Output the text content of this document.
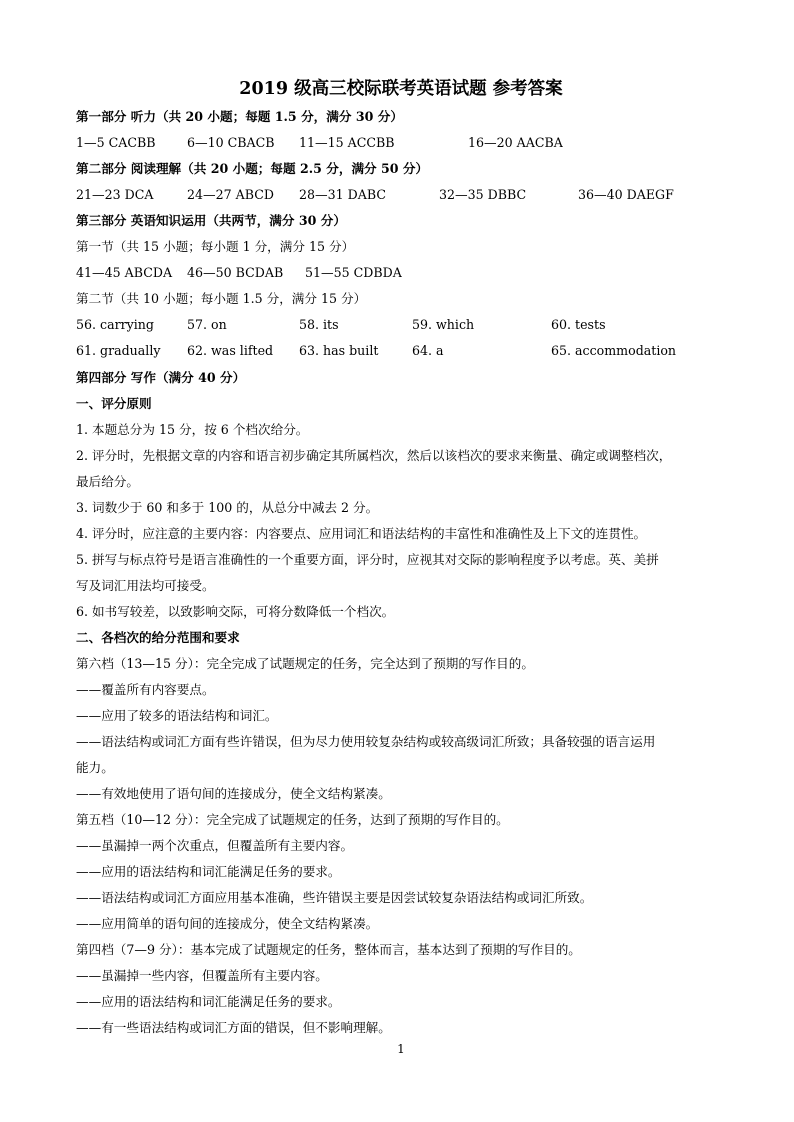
2019 级高三校际联考英语试题 参考答案
第一部分 听力（共 20 小题；每题 1.5 分，满分 30 分）
1—5 CACBB	6—10 CBACB 11—15 ACCBB	16—20 AACBA
第二部分 阅读理解（共 20 小题；每题 2.5 分，满分 50 分）
21—23 DCA	24—27 ABCD 28—31 DABC	32—35 DBBC	36—40 DAEGF
第三部分 英语知识运用（共两节，满分 30 分）
第一节（共 15 小题；每小题 1 分，满分 15 分）
41—45 ABCDA 46—50 BCDAB 51—55 CDBDA
第二节（共 10 小题；每小题 1.5 分，满分 15 分）
56. carrying	57. on	58. its	59. which	60. tests
61. gradually 62. was lifted 63. has built	64. a	65. accommodation
第四部分 写作（满分 40 分）
一、评分原则
1. 本题总分为 15 分，按 6 个档次给分。
2. 评分时，先根据文章的内容和语言初步确定其所属档次，然后以该档次的要求来衡量、确定或调整档次，
最后给分。
3. 词数少于 60 和多于 100 的，从总分中减去 2 分。
4. 评分时，应注意的主要内容：内容要点、应用词汇和语法结构的丰富性和准确性及上下文的连贯性。
5. 拼写与标点符号是语言准确性的一个重要方面，评分时，应视其对交际的影响程度予以考虑。英、美拼
写及词汇用法均可接受。
6. 如书写较差，以致影响交际，可将分数降低一个档次。
二、各档次的给分范围和要求
第六档（13—15 分）：完全完成了试题规定的任务，完全达到了预期的写作目的。
——覆盖所有内容要点。
——应用了较多的语法结构和词汇。
——语法结构或词汇方面有些许错误，但为尽力使用较复杂结构或较高级词汇所致；具备较强的语言运用
能力。
——有效地使用了语句间的连接成分，使全文结构紧凑。
第五档（10—12 分）：完全完成了试题规定的任务，达到了预期的写作目的。
——虽漏掉一两个次重点，但覆盖所有主要内容。
——应用的语法结构和词汇能满足任务的要求。
——语法结构或词汇方面应用基本准确，些许错误主要是因尝试较复杂语法结构或词汇所致。
——应用简单的语句间的连接成分，使全文结构紧凑。
第四档（7—9 分）：基本完成了试题规定的任务，整体而言，基本达到了预期的写作目的。
——虽漏掉一些内容，但覆盖所有主要内容。
——应用的语法结构和词汇能满足任务的要求。
——有一些语法结构或词汇方面的错误，但不影响理解。
1
